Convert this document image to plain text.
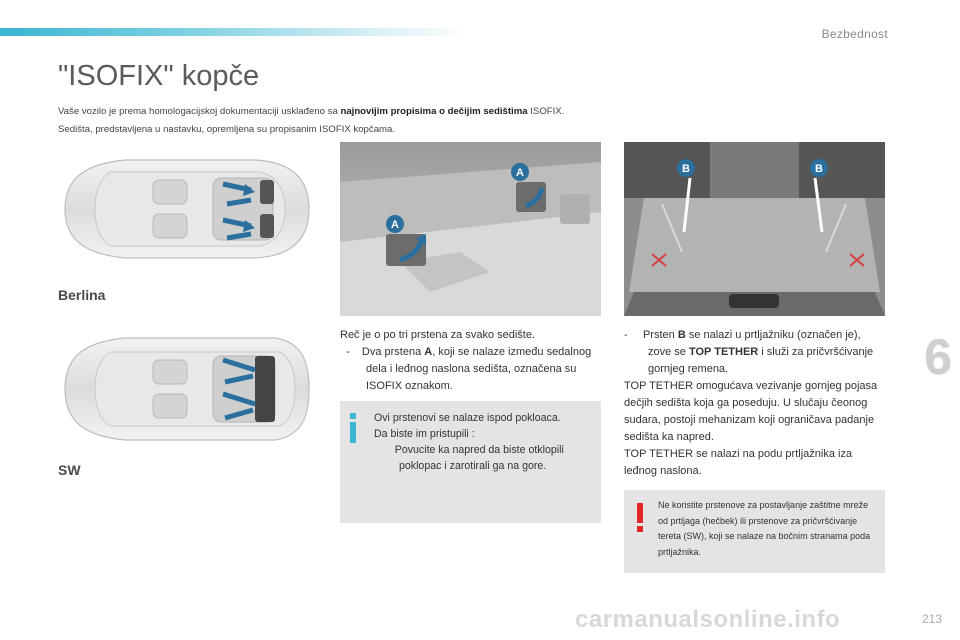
Bezbednost
"ISOFIX" kopče
Vaše vozilo je prema homologacijskoj dokumentaciji usklađeno sa najnovijim propisima o dečijim sedištima ISOFIX.
Sedišta, predstavljena u nastavku, opremljena su propisanim ISOFIX kopčama.
Berlina
SW
A
A	B	B
Reč je o po tri prstena za svako sedište.
- Dva prstena A, koji se nalaze između sedalnog dela i leđnog naslona sedišta, označena su ISOFIX oznakom.
Ovi prstenovi se nalaze ispod pokloaca.
Da biste im pristupili :
Povucite ka napred da biste otklopili poklopac i zarotirali ga na gore.
- Prsten B se nalazi u prtljažniku (označen je), zove se TOP TETHER i služi za pričvršćivanje gornjeg remena.
TOP TETHER omogućava vezivanje gornjeg pojasa dečjih sedišta koja ga poseduju. U slučaju čeonog sudara, postoji mehanizam koji ograničava padanje sedišta ka napred.
TOP TETHER se nalazi na podu prtljažnika iza leđnog naslona.
Ne koristite prstenove za postavljanje zaštitne mreže od prtljaga (hečbek) ili prstenove za pričvršćivanje tereta (SW), koji se nalaze na bočnim stranama poda prtljažnika.
6
carmanualsonline.info	213
